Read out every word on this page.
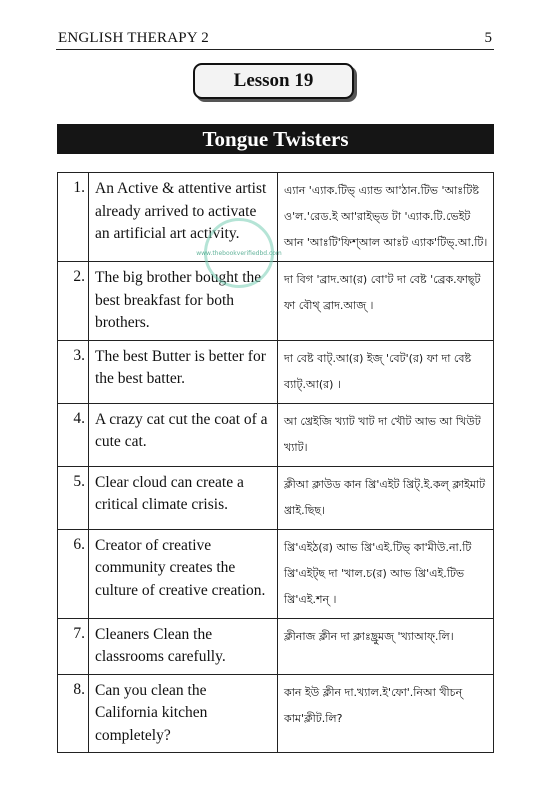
ENGLISH THERAPY 2	5
Lesson 19
Tongue Twisters
1.	An Active & attentive artist already arrived to activate an artificial art activity.	এ্যান 'এ্যাক.টিভ্ এ্যান্ড আ'ঠান.টিভ 'আঃটিষ্ট ও'ল.'রেড.ই আ'রাইভ্ড টা 'এ্যাক.টি.ভেইট আন 'আঃটি'ফিশ্আল আঃট এ্যাক'টিভ্.আ.টি।
2.	The big brother bought the best breakfast for both brothers.	দা বিগ 'ব্রাদ.আ(র) বো'ট দা বেষ্ট 'ব্রেক.ফাছ্ট ফা বৌথ্ ব্রাদ.আজ্ ।
3.	The best Butter is better for the best batter.	দা বেষ্ট বাট্.আ(র) ইজ্ 'বেট'(র) ফা দা বেষ্ট ব্যাট্.আ(র) ।
4.	A crazy cat cut the coat of a cute cat.	আ খ্রেইজি খ্যাট খাট দা খৌট আভ আ খিউট খ্যাট।
5.	Clear cloud can create a critical climate crisis.	ক্লীআ ক্লাউড কান খ্রি'এইট খ্রিট্.ই.কল্ ক্লাইমাট খ্রাই.ছিছ।
6.	Creator of creative community creates the culture of creative creation.	খ্রি'এইঠ(র) আভ খ্রি'এই.টিভ্ কা'মীউ.না.টি খ্রি'এইট্ছ দা 'খাল.চ(র) আভ খ্রি'এই.টিভ খ্রি'এই.শন্ ।
7.	Cleaners Clean the classrooms carefully.	ক্লীনাজ ক্লীন দা ক্লাঃছ্রুমজ্ 'খ্যাআফ্.লি।
8.	Can you clean the California kitchen completely?	কান ইউ ক্লীন দা.খ্যাল.ই'ফো'.নিআ খীচন্ কাম'ক্লীট.লি?
www.thebookverifiedbd.com
